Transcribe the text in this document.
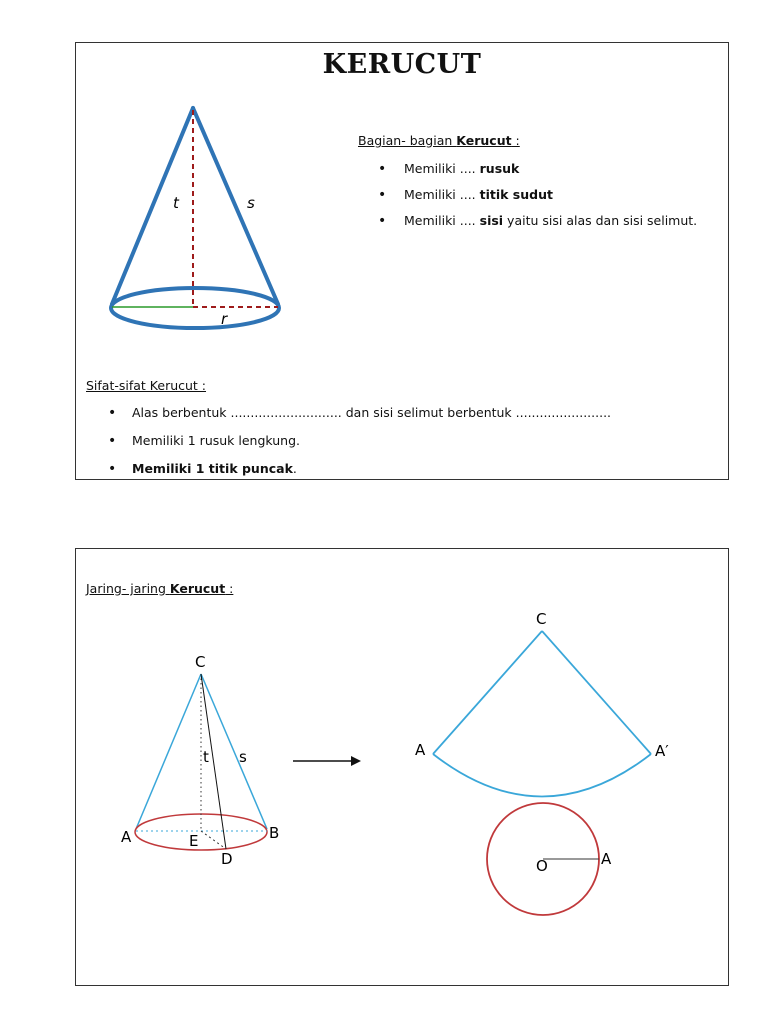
KERUCUT
t	s
r
Bagian- bagian Kerucut :
• Memiliki .... rusuk
• Memiliki .... titik sudut
• Memiliki .... sisi yaitu sisi alas dan sisi selimut.
Sifat-sifat Kerucut :
• Alas berbentuk ............................ dan sisi selimut berbentuk ........................
• Memiliki 1 rusuk lengkung.
• Memiliki 1 titik puncak.
Jaring- jaring Kerucut :
C
t s
A	B
E
D
C
A	A′
O	A
